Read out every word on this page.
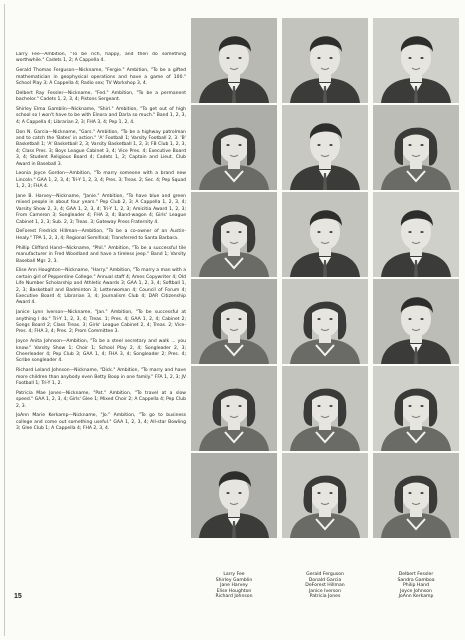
Larry Fee—Ambition, "To be rich, happy, and then do something worthwhile." Cadets 1, 2; A Cappella 4.

Gerald Thomas Ferguson—Nickname, "Fergie." Ambition, "To be a gifted mathematician in geophysical operations and have a game of 100." School Play 3; A Cappella 4; Radio sex; TV Workshop 3, 4.

Delbert Ray Fessler—Nickname, "Fed." Ambition, "To be a permanent bachelor." Cadets 1, 2, 3, 4; Pistons Sergeant.

Shirley Elma Gamblin—Nickname, "Shirl." Ambition, "To get out of high school so I won't have to be with Elnora and Darla so much." Band 1, 2, 3, 4; A Cappella 4; Librarian 2, 3; FHA 3, 4; Pep 1, 2, 4.

Don N. Garcia—Nickname, "Gars." Ambition, "To be a highway patrolman and to catch the 'Bates' in action." 'A' Football 1; Varsity Football 2, 3. 'B' Basketball 1; 'A' Basketball 2, 3; Varsity Basketball 1, 2, 3; FB Club 1, 2, 3, 4; Class Pres. 3; Boys League Cabinet 3, 4; Vice Pres. 4; Executive Board 3, 4; Student Religious Board 4; Cadets 1, 2; Captain and Lieut. Club Award in Baseball 3.

Leonia Joyce Gordon—Ambition, "To marry someone with a brand new Lincoln." GAA 1, 2, 3, 4; Tri-Y 1, 2, 3, 4; Pres. 3; Treas. 2; Sec. 4; Pep Squad 1, 2, 3; FHA 4.

Jane B. Harvey—Nickname, "Janie." Ambition, "To have blue and green mixed people in about four years." Pep Club 2, 3; A Cappella 1, 2, 3, 4; Varsity Show 2, 3, 4; GAA 1, 2, 3, 4; Tri-Y 1, 2, 3; Amicitia Award 1, 2, 3; From Cameron 3; Songleader 4; FHA 3, 4; Band-wagon 4; Girls' League Cabinet 1, 2, 3; Sub. 2, 3; Treas. 3; Gateway Press Fraternity 4.

DeForest Fredrick Hillman—Ambition, "To be a co-owner of an Austin-Healy." TPA 1, 2, 3, 4; Regional Semifinal; Transferred to Santa Barbara.

Phillip Clifford Hand—Nickname, "Phil." Ambition, "To be a successful tile manufacturer in Fred Woodland and have a tireless jeep." Band 1; Varsity Baseball Mgr. 2, 3.

Elise Ann Houghton—Nickname, "Harry." Ambition, "To marry a man with a certain girl of Pepperdine College." Annual staff 4; Ames Copywriter 4; Old Life Number Scholarship and Athletic Awards 3; GAA 1, 2, 3, 4; Softball 1, 2, 3; Basketball and Badminton 3; Letterwoman 4; Council of Forum 4; Executive Board 4; Librarian 3, 4; Journalism Club 4; DAR Citizenship Award 4.

Janice Lynn Iverson—Nickname, "Jan." Ambition, "To be successful at anything I do." Tri-Y 1, 2, 3, 4; Treas. 1; Pres. 4; GAA 1, 2, 4; Cabinet 2; Songs Board 2; Class Treas. 3; Girls' League Cabinet 2, 4; Treas. 2; Vice-Pres. 4; FHA 3, 4; Pres. 2; Prom Committee 3.

Joyce Anita Johnson—Ambition, "To be a steel secretary and walk ... you know." Varsity Show 1; Choir 1; School Play 2, 4; Songleader 2, 3; Cheerleader 4; Pep Club 3; GAA 1, 4; FHA 3, 4; Songleader 2; Pres. 4; Scribe songleader 4.

Richard Leland Johnson—Nickname, "Dick." Ambition, "To marry and have more children than anybody even Betty Boop in one family." FFA 1, 2, 3; JV Football 1; Tri-Y 1, 2.

Patricia Mae Jones—Nickname, "Pat." Ambition, "To travel at a slow speed." GAA 1, 2, 3, 4; Girls' Glee 1; Mixed Choir 2; A Cappella 4; Pep Club 2, 3.

JoAnn Marie Kerkamp—Nickname, "Jo." Ambition, "To go to business college and come out something useful." GAA 1, 2, 3, 4; All-star Bowling 3; Glee Club 1; A Cappella 4; FHA 2, 3, 4.

Larry Fee
Shirley Gamblin
Jane Harvey
Elise Houghton
Richard Johnson
Gerald Ferguson
Donald Garcia
DeForest Hillman
Janice Iverson
Patricia Jones
Delbert Fessler
Sandra Gamboa
Philip Hand
Joyce Johnson
JoAnn Kerkamp
15
